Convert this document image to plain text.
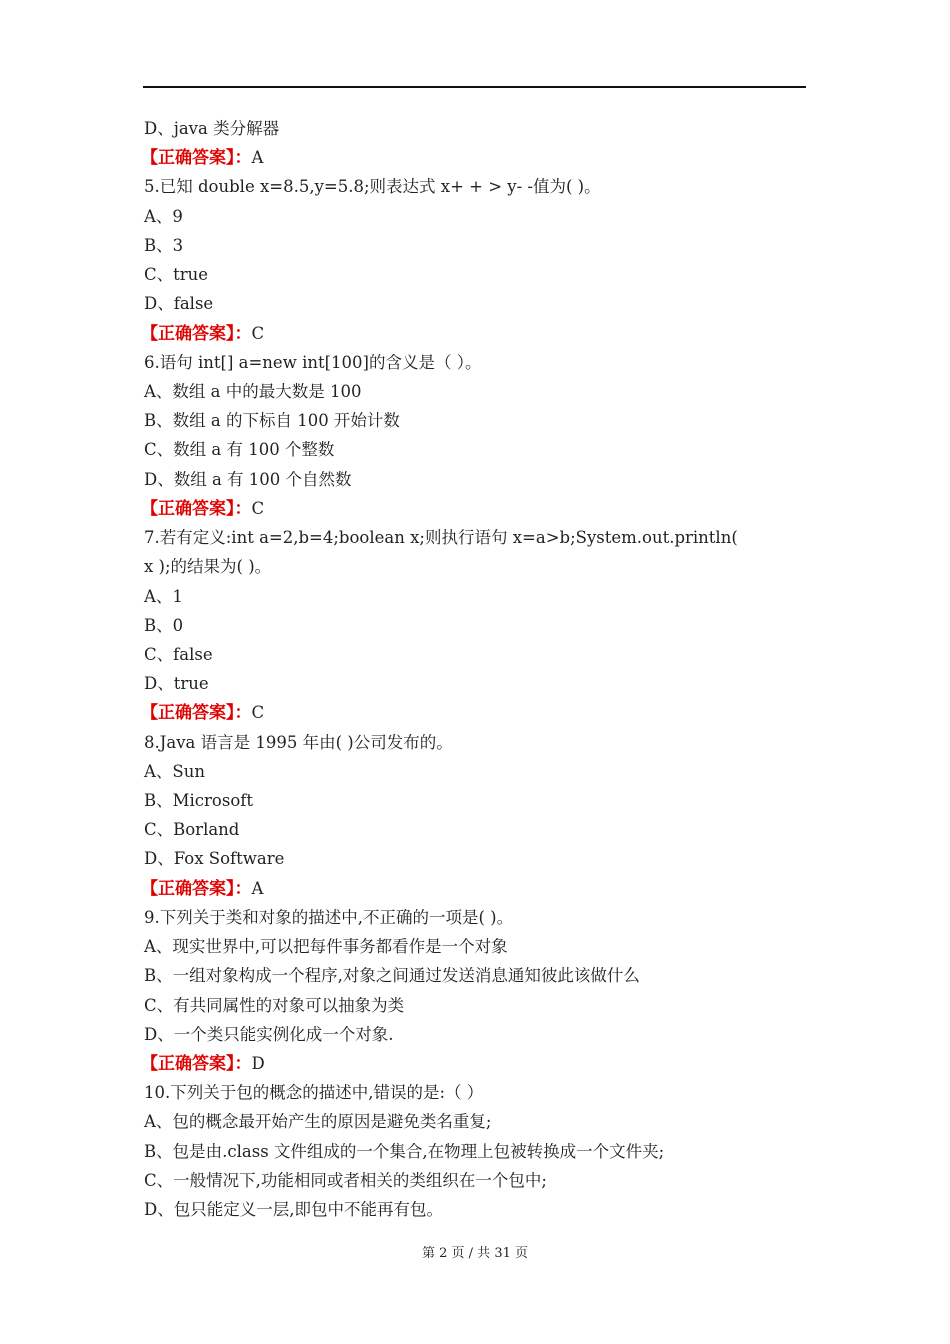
D、java 类分解器
【正确答案】：A
5.已知 double x=8.5,y=5.8;则表达式 x+ + > y- -值为( )。
A、9
B、3
C、true
D、false
【正确答案】：C
6.语句 int[] a=new int[100]的含义是（ ）。
A、数组 a 中的最大数是 100
B、数组 a 的下标自 100 开始计数
C、数组 a 有 100 个整数
D、数组 a 有 100 个自然数
【正确答案】：C
7.若有定义:int a=2,b=4;boolean x;则执行语句 x=a>b;System.out.println(
x );的结果为( )。
A、1
B、0
C、false
D、true
【正确答案】：C
8.Java 语言是 1995 年由( )公司发布的。
A、Sun
B、Microsoft
C、Borland
D、Fox Software
【正确答案】：A
9.下列关于类和对象的描述中,不正确的一项是( )。
A、现实世界中,可以把每件事务都看作是一个对象
B、一组对象构成一个程序,对象之间通过发送消息通知彼此该做什么
C、有共同属性的对象可以抽象为类
D、一个类只能实例化成一个对象.
【正确答案】：D
10.下列关于包的概念的描述中,错误的是:（ ）
A、包的概念最开始产生的原因是避免类名重复;
B、包是由.class 文件组成的一个集合,在物理上包被转换成一个文件夹;
C、一般情况下,功能相同或者相关的类组织在一个包中;
D、包只能定义一层,即包中不能再有包。
第 2 页 / 共 31 页
